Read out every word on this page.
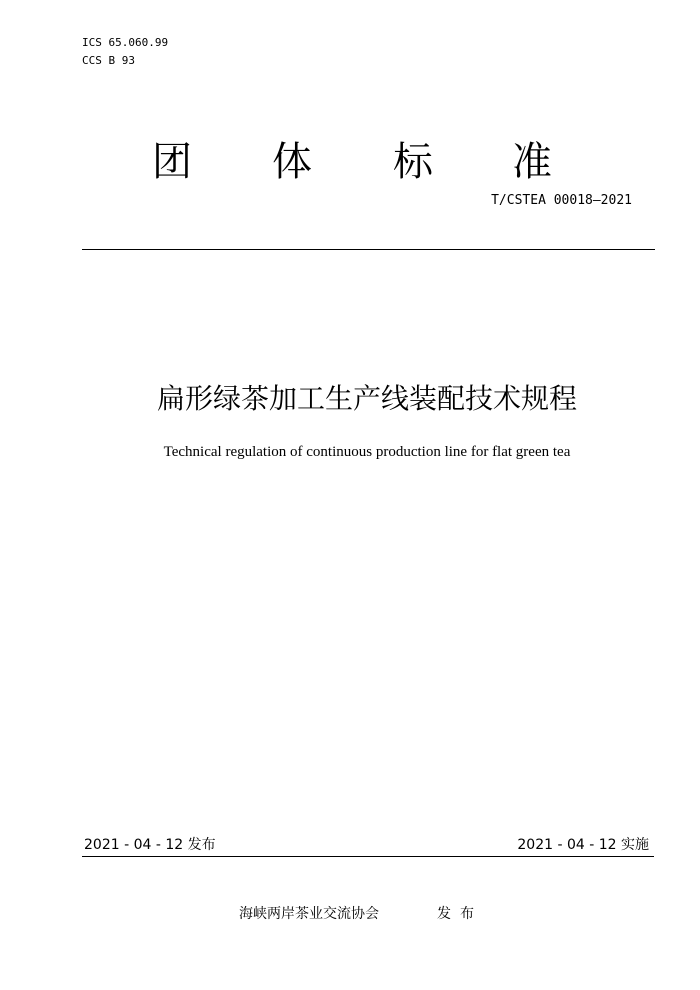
ICS 65.060.99
CCS B 93
团 体 标 准
T/CSTEA 00018—2021
扁形绿茶加工生产线装配技术规程
Technical regulation of continuous production line for flat green tea
2021 - 04 - 12 发布	2021 - 04 - 12 实施
海峡两岸茶业交流协会	发布
